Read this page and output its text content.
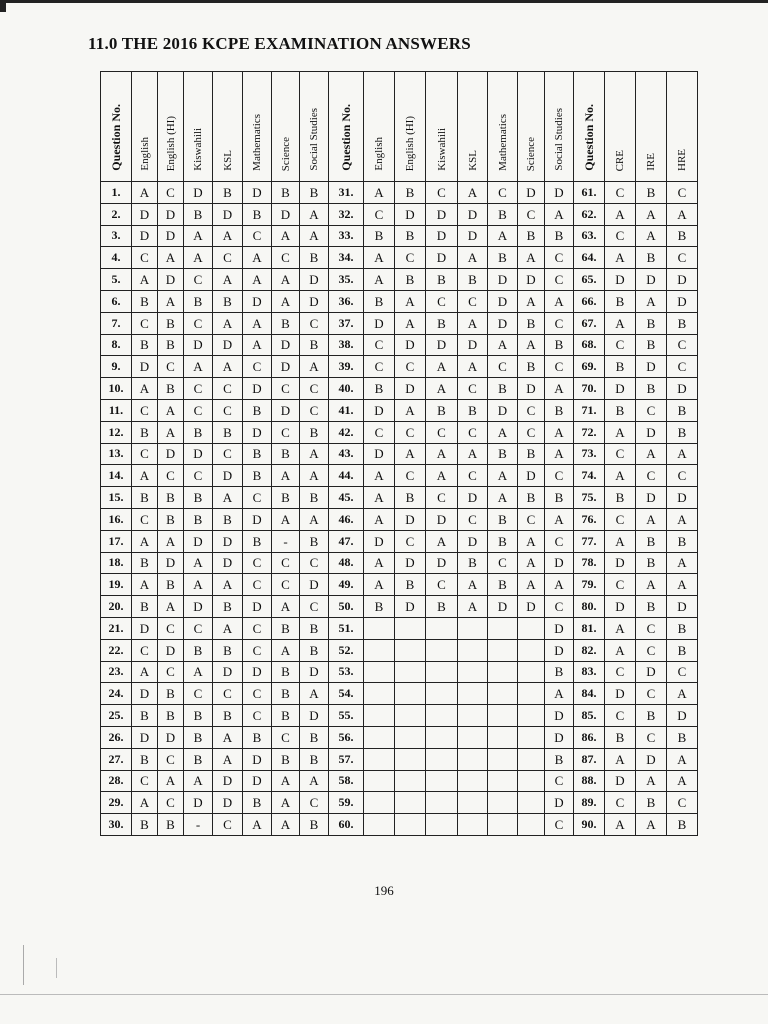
11.0 THE 2016 KCPE EXAMINATION ANSWERS
Question No.	English	English (HI)	Kiswahili	KSL	Mathematics	Science	Social Studies	Question No.	English	English (HI)	Kiswahili	KSL	Mathematics	Science	Social Studies	Question No.	CRE	IRE	HRE
1.	A	C	D	B	D	B	B	31.	A	B	C	A	C	D	D	61.	C	B	C
2.	D	D	B	D	B	D	A	32.	C	D	D	D	B	C	A	62.	A	A	A
3.	D	D	A	A	C	A	A	33.	B	B	D	D	A	B	B	63.	C	A	B
4.	C	A	A	C	A	C	B	34.	A	C	D	A	B	A	C	64.	A	B	C
5.	A	D	C	A	A	A	D	35.	A	B	B	B	D	D	C	65.	D	D	D
6.	B	A	B	B	D	A	D	36.	B	A	C	C	D	A	A	66.	B	A	D
7.	C	B	C	A	A	B	C	37.	D	A	B	A	D	B	C	67.	A	B	B
8.	B	B	D	D	A	D	B	38.	C	D	D	D	A	A	B	68.	C	B	C
9.	D	C	A	A	C	D	A	39.	C	C	A	A	C	B	C	69.	B	D	C
10.	A	B	C	C	D	C	C	40.	B	D	A	C	B	D	A	70.	D	B	D
11.	C	A	C	C	B	D	C	41.	D	A	B	B	D	C	B	71.	B	C	B
12.	B	A	B	B	D	C	B	42.	C	C	C	C	A	C	A	72.	A	D	B
13.	C	D	D	C	B	B	A	43.	D	A	A	A	B	B	A	73.	C	A	A
14.	A	C	C	D	B	A	A	44.	A	C	A	C	A	D	C	74.	A	C	C
15.	B	B	B	A	C	B	B	45.	A	B	C	D	A	B	B	75.	B	D	D
16.	C	B	B	B	D	A	A	46.	A	D	D	C	B	C	A	76.	C	A	A
17.	A	A	D	D	B	-	B	47.	D	C	A	D	B	A	C	77.	A	B	B
18.	B	D	A	D	C	C	C	48.	A	D	D	B	C	A	D	78.	D	B	A
19.	A	B	A	A	C	C	D	49.	A	B	C	A	B	A	A	79.	C	A	A
20.	B	A	D	B	D	A	C	50.	B	D	B	A	D	D	C	80.	D	B	D
21.	D	C	C	A	C	B	B	51.							D	81.	A	C	B
22.	C	D	B	B	C	A	B	52.							D	82.	A	C	B
23.	A	C	A	D	D	B	D	53.							B	83.	C	D	C
24.	D	B	C	C	C	B	A	54.							A	84.	D	C	A
25.	B	B	B	B	C	B	D	55.							D	85.	C	B	D
26.	D	D	B	A	B	C	B	56.							D	86.	B	C	B
27.	B	C	B	A	D	B	B	57.							B	87.	A	D	A
28.	C	A	A	D	D	A	A	58.							C	88.	D	A	A
29.	A	C	D	D	B	A	C	59.							D	89.	C	B	C
30.	B	B	-	C	A	A	B	60.							C	90.	A	A	B
196
